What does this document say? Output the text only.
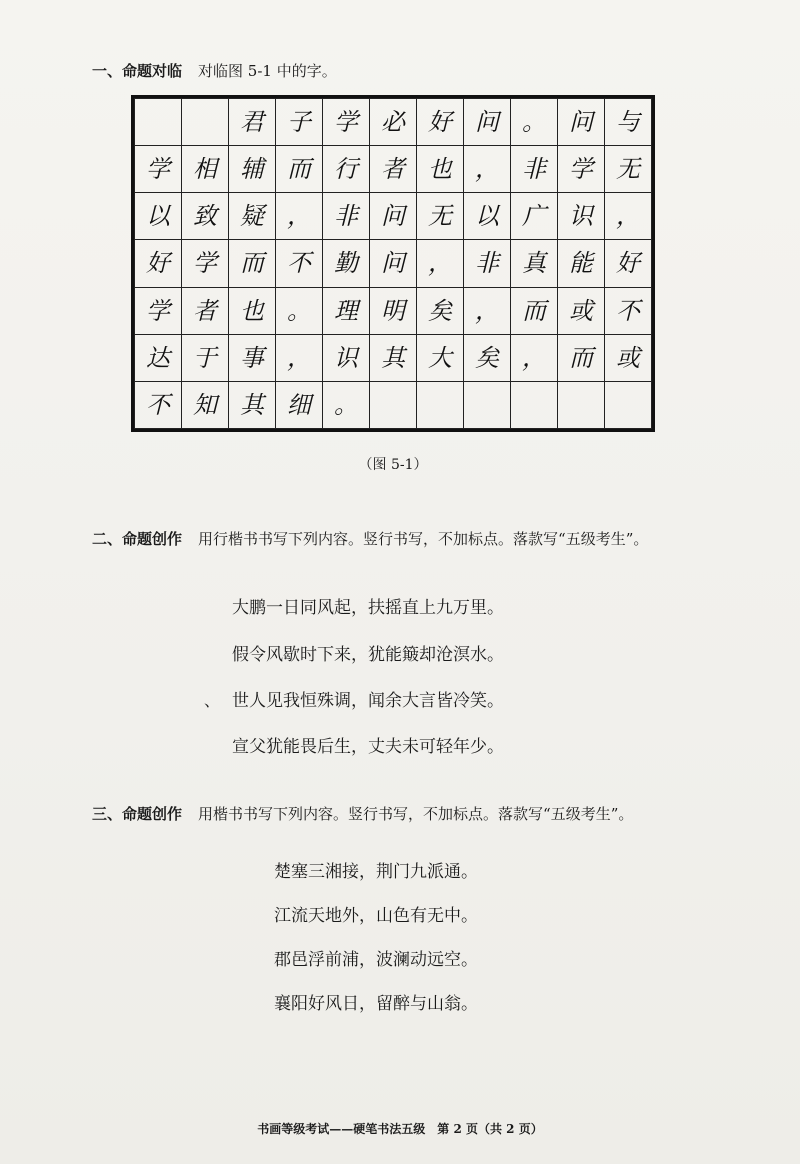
一、命题对临 对临图 5-1 中的字。
		君	子	学	必	好	问	。	问	与
学	相	辅	而	行	者	也	，	非	学	无
以	致	疑	，	非	问	无	以	广	识	，
好	学	而	不	勤	问	，	非	真	能	好
学	者	也	。	理	明	矣	，	而	或	不
达	于	事	，	识	其	大	矣	，	而	或
不	知	其	细	。						
（图 5-1）
二、命题创作 用行楷书书写下列内容。竖行书写，不加标点。落款写“五级考生”。
大鹏一日同风起，扶摇直上九万里。
假令风歇时下来，犹能簸却沧溟水。
、 世人见我恒殊调，闻余大言皆冷笑。
宣父犹能畏后生，丈夫未可轻年少。
三、命题创作 用楷书书写下列内容。竖行书写，不加标点。落款写“五级考生”。
楚塞三湘接，荆门九派通。
江流天地外，山色有无中。
郡邑浮前浦，波澜动远空。
襄阳好风日，留醉与山翁。
书画等级考试——硬笔书法五级　第 2 页（共 2 页）
